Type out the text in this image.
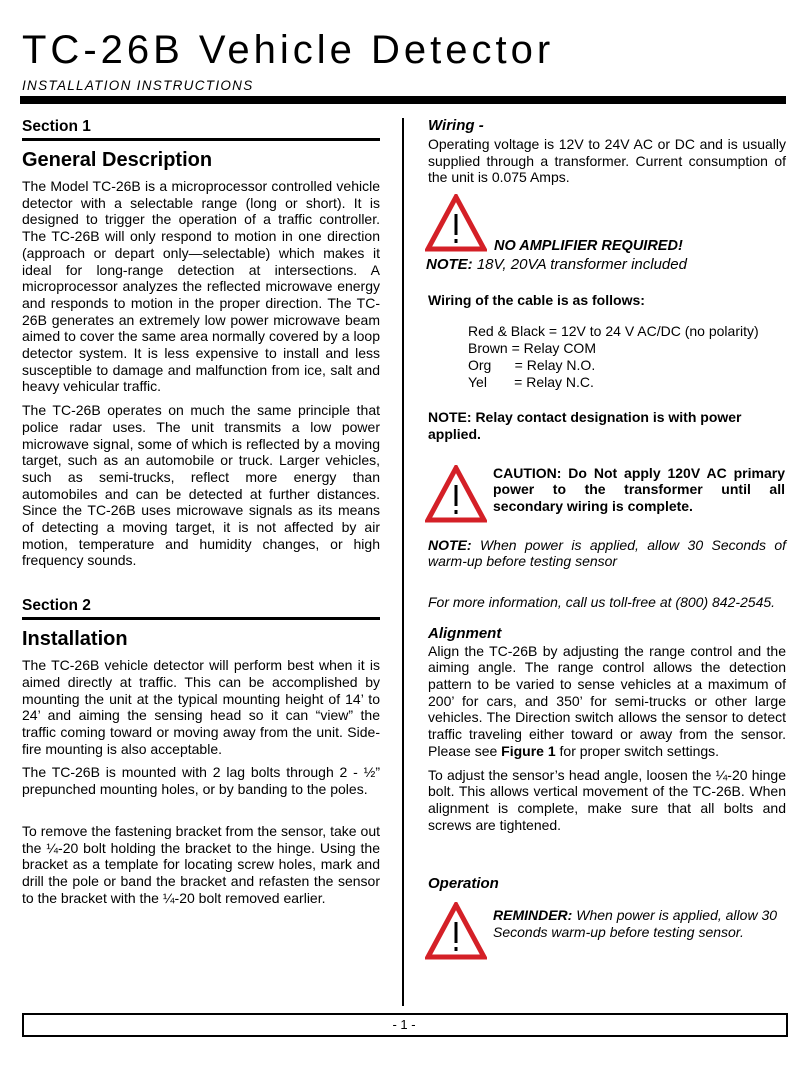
TC-26B Vehicle Detector
INSTALLATION INSTRUCTIONS
Section 1
General Description

The Model TC-26B is a microprocessor controlled vehicle detector with a selectable range (long or short). It is designed to trigger the operation of a traffic controller. The TC-26B will only respond to motion in one direction (approach or depart only—selectable) which makes it ideal for long-range detection at intersections. A microprocessor analyzes the reflected microwave energy and responds to motion in the proper direction. The TC-26B generates an extremely low power microwave beam aimed to cover the same area normally covered by a loop detector system. It is less expensive to install and less susceptible to damage and malfunction from ice, salt and heavy vehicular traffic.

The TC-26B operates on much the same principle that police radar uses. The unit transmits a low power microwave signal, some of which is reflected by a moving target, such as an automobile or truck. Larger vehicles, such as semi-trucks, reflect more energy than automobiles and can be detected at further distances. Since the TC-26B uses microwave signals as its means of detecting a moving target, it is not affected by air motion, temperature and humidity changes, or high frequency sounds.

Section 2
Installation

The TC-26B vehicle detector will perform best when it is aimed directly at traffic. This can be accomplished by mounting the unit at the typical mounting height of 14’ to 24’ and aiming the sensing head so it can “view” the traffic coming toward or moving away from the unit. Side-fire mounting is also acceptable.

The TC-26B is mounted with 2 lag bolts through 2 - ½” prepunched mounting holes, or by banding to the poles.

To remove the fastening bracket from the sensor, take out the ¼-20 bolt holding the bracket to the hinge. Using the bracket as a template for locating screw holes, mark and drill the pole or band the bracket and refasten the sensor to the bracket with the ¼-20 bolt removed earlier.

Wiring -

Operating voltage is 12V to 24V AC or DC and is usually supplied through a transformer. Current consumption of the unit is 0.075 Amps.

NO AMPLIFIER REQUIRED!
NOTE: 18V, 20VA transformer included
Wiring of the cable is as follows:
Red & Black = 12V to 24 V AC/DC (no polarity)
Brown = Relay COM
Org      = Relay N.O.
Yel       = Relay N.C.

NOTE: Relay contact designation is with power applied.

CAUTION: Do Not apply 120V AC primary power to the transformer until all secondary wiring is complete.

NOTE: When power is applied, allow 30 Seconds of warm-up before testing sensor

For more information, call us toll-free at (800) 842-2545.

Alignment

Align the TC-26B by adjusting the range control and the aiming angle. The range control allows the detection pattern to be varied to sense vehicles at a maximum of 200’ for cars, and 350’ for semi-trucks or other large vehicles. The Direction switch allows the sensor to detect traffic traveling either toward or away from the sensor. Please see Figure 1 for proper switch settings.

To adjust the sensor’s head angle, loosen the ¼-20 hinge bolt. This allows vertical movement of the TC-26B. When alignment is complete, make sure that all bolts and screws are tightened.

Operation

REMINDER: When power is applied, allow 30 Seconds warm-up before testing sensor.

- 1 -
